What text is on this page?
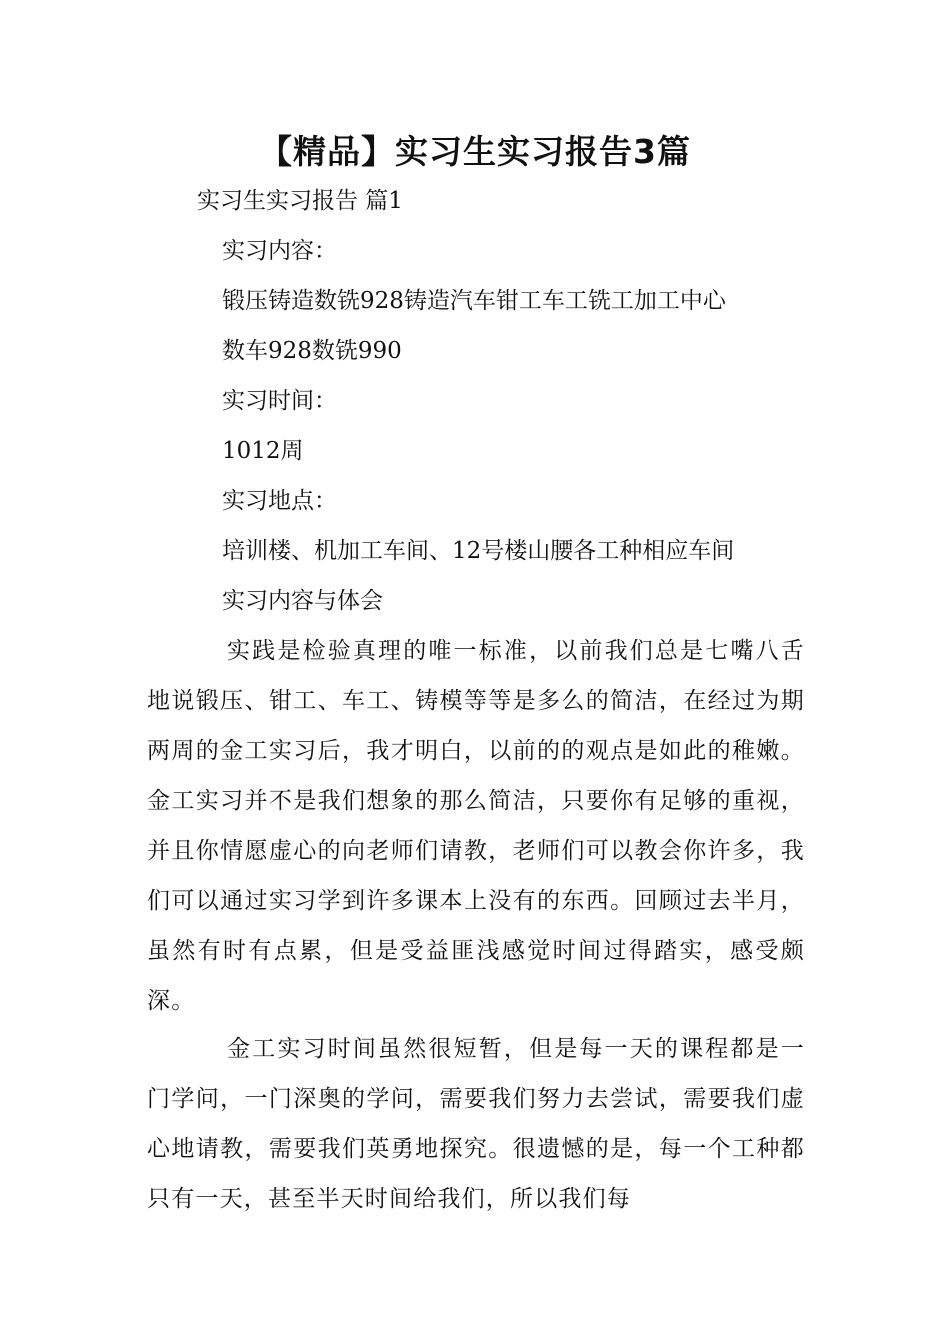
【精品】实习生实习报告3篇

实习生实习报告 篇1

实习内容：

锻压铸造数铣928铸造汽车钳工车工铣工加工中心

数车928数铣990

实习时间：

1012周

实习地点：

培训楼、机加工车间、12号楼山腰各工种相应车间

实习内容与体会

实践是检验真理的唯一标准，以前我们总是七嘴八舌地说锻压、钳工、车工、铸模等等是多么的简洁，在经过为期两周的金工实习后，我才明白，以前的的观点是如此的稚嫩。金工实习并不是我们想象的那么简洁，只要你有足够的重视，并且你情愿虚心的向老师们请教，老师们可以教会你许多，我们可以通过实习学到许多课本上没有的东西。回顾过去半月，虽然有时有点累，但是受益匪浅感觉时间过得踏实，感受颇深。

金工实习时间虽然很短暂，但是每一天的课程都是一门学问，一门深奥的学问，需要我们努力去尝试，需要我们虚心地请教，需要我们英勇地探究。很遗憾的是，每一个工种都只有一天，甚至半天时间给我们，所以我们每
